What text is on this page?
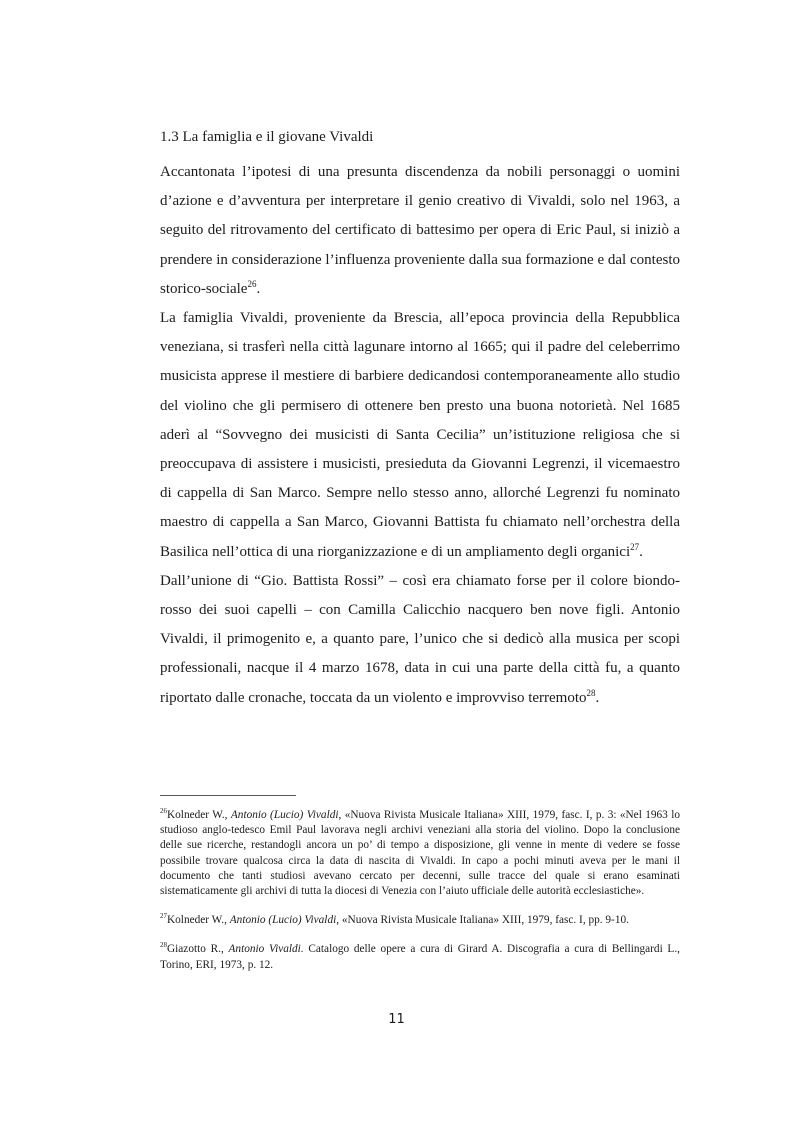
1.3 La famiglia e il giovane Vivaldi

Accantonata l’ipotesi di una presunta discendenza da nobili personaggi o uomini d’azione e d’avventura per interpretare il genio creativo di Vivaldi, solo nel 1963, a seguito del ritrovamento del certificato di battesimo per opera di Eric Paul, si iniziò a prendere in considerazione l’influenza proveniente dalla sua formazione e dal contesto storico-sociale$^{26}$.

La famiglia Vivaldi, proveniente da Brescia, all’epoca provincia della Repubblica veneziana, si trasferì nella città lagunare intorno al 1665; qui il padre del celeberrimo musicista apprese il mestiere di barbiere dedicandosi contemporaneamente allo studio del violino che gli permisero di ottenere ben presto una buona notorietà. Nel 1685 aderì al “Sovvegno dei musicisti di Santa Cecilia” un’istituzione religiosa che si preoccupava di assistere i musicisti, presieduta da Giovanni Legrenzi, il vicemaestro di cappella di San Marco. Sempre nello stesso anno, allorché Legrenzi fu nominato maestro di cappella a San Marco, Giovanni Battista fu chiamato nell’orchestra della Basilica nell’ottica di una riorganizzazione e di un ampliamento degli organici$^{27}$.

Dall’unione di “Gio. Battista Rossi” – così era chiamato forse per il colore biondo-rosso dei suoi capelli – con Camilla Calicchio nacquero ben nove figli. Antonio Vivaldi, il primogenito e, a quanto pare, l’unico che si dedicò alla musica per scopi professionali, nacque il 4 marzo 1678, data in cui una parte della città fu, a quanto riportato dalle cronache, toccata da un violento e improvviso terremoto$^{28}$.

$^{26}$Kolneder W., Antonio (Lucio) Vivaldi, «Nuova Rivista Musicale Italiana» XIII, 1979, fasc. I, p. 3: «Nel 1963 lo studioso anglo-tedesco Emil Paul lavorava negli archivi veneziani alla storia del violino. Dopo la conclusione delle sue ricerche, restandogli ancora un po’ di tempo a disposizione, gli venne in mente di vedere se fosse possibile trovare qualcosa circa la data di nascita di Vivaldi. In capo a pochi minuti aveva per le mani il documento che tanti studiosi avevano cercato per decenni, sulle tracce del quale si erano esaminati sistematicamente gli archivi di tutta la diocesi di Venezia con l’aiuto ufficiale delle autorità ecclesiastiche».

$^{27}$Kolneder W., Antonio (Lucio) Vivaldi, «Nuova Rivista Musicale Italiana» XIII, 1979, fasc. I, pp. 9-10.

$^{28}$Giazotto R., Antonio Vivaldi. Catalogo delle opere a cura di Girard A. Discografia a cura di Bellingardi L., Torino, ERI, 1973, p. 12.

11
